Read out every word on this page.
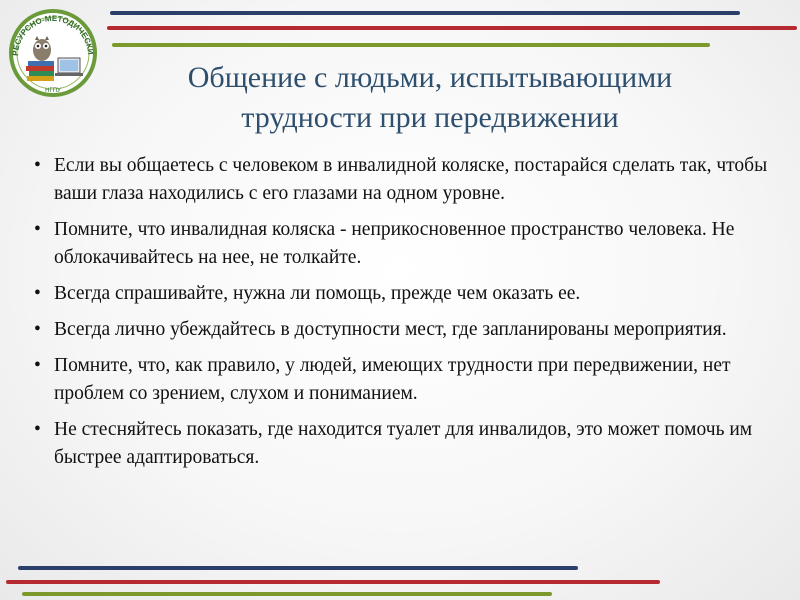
РЕСУРСНО-МЕТОДИЧЕСКИ
НГПУ	Общение с людьми, испытывающими
трудности при передвижении
• Если вы общаетесь с человеком в инвалидной коляске, постарайся сделать так, чтобы ваши глаза находились с его глазами на одном уровне.
• Помните, что инвалидная коляска - неприкосновенное пространство человека. Не облокачивайтесь на нее, не толкайте.
• Всегда спрашивайте, нужна ли помощь, прежде чем оказать ее.
• Всегда лично убеждайтесь в доступности мест, где запланированы мероприятия.
• Помните, что, как правило, у людей, имеющих трудности при передвижении, нет проблем со зрением, слухом и пониманием.
• Не стесняйтесь показать, где находится туалет для инвалидов, это может помочь им быстрее адаптироваться.
